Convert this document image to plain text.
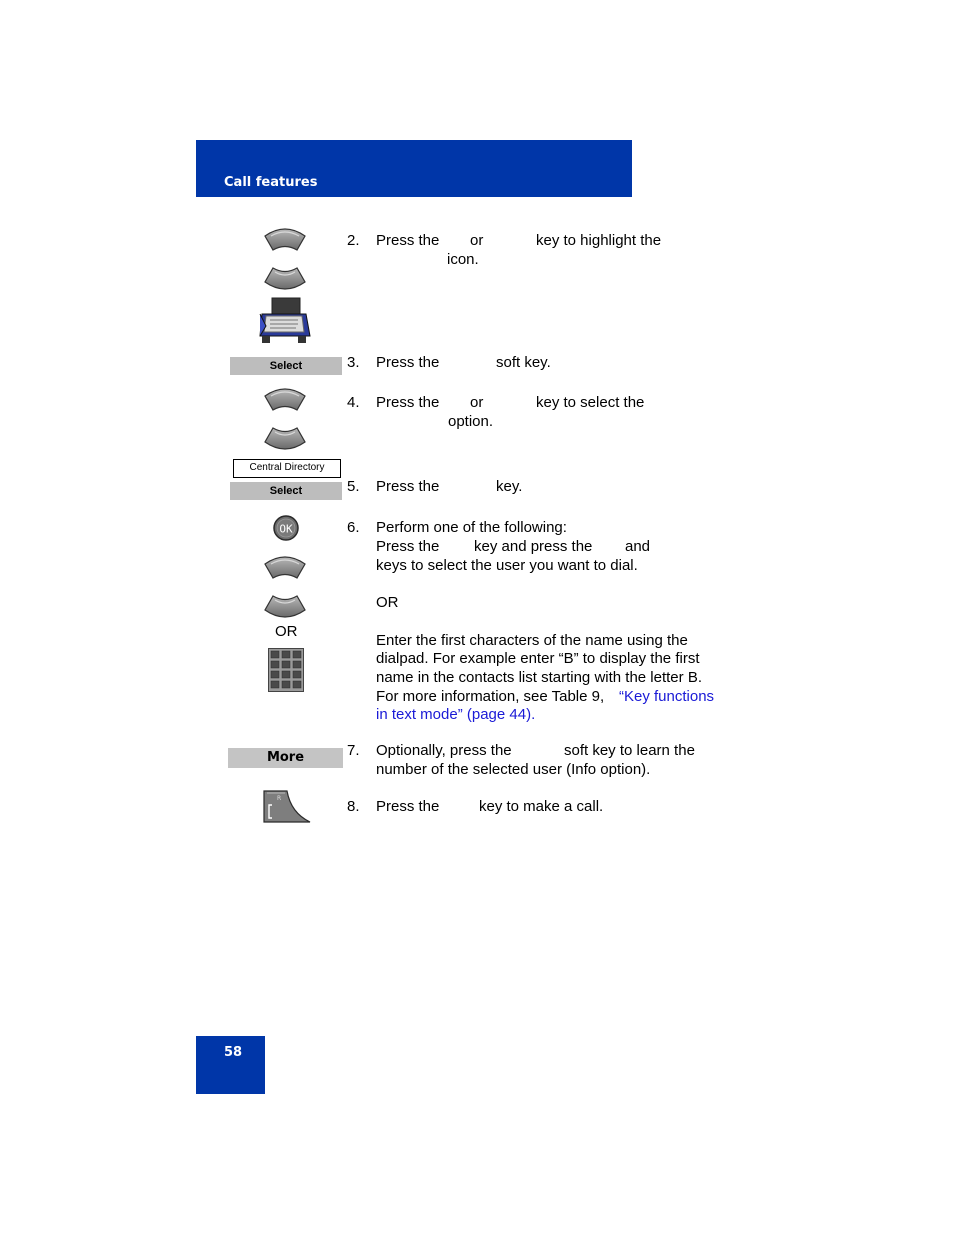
Call features
2. Press the or	key to highlight the
icon.
Select	3. Press the	soft key.
4. Press the or	key to select the
option.
Central Directory
Select	5. Press the	key.
OK
OR
6. Perform one of the following:
Press the key and press the and
keys to select the user you want to dial.
OR
Enter the first characters of the name using the
dialpad. For example enter “B” to display the first
name in the contacts list starting with the letter B.
For more information, see Table 9, “Key functions
in text mode” (page 44).
More	7. Optionally, press the	soft key to learn the
number of the selected user (Info option).
R	8. Press the	key to make a call.
58
